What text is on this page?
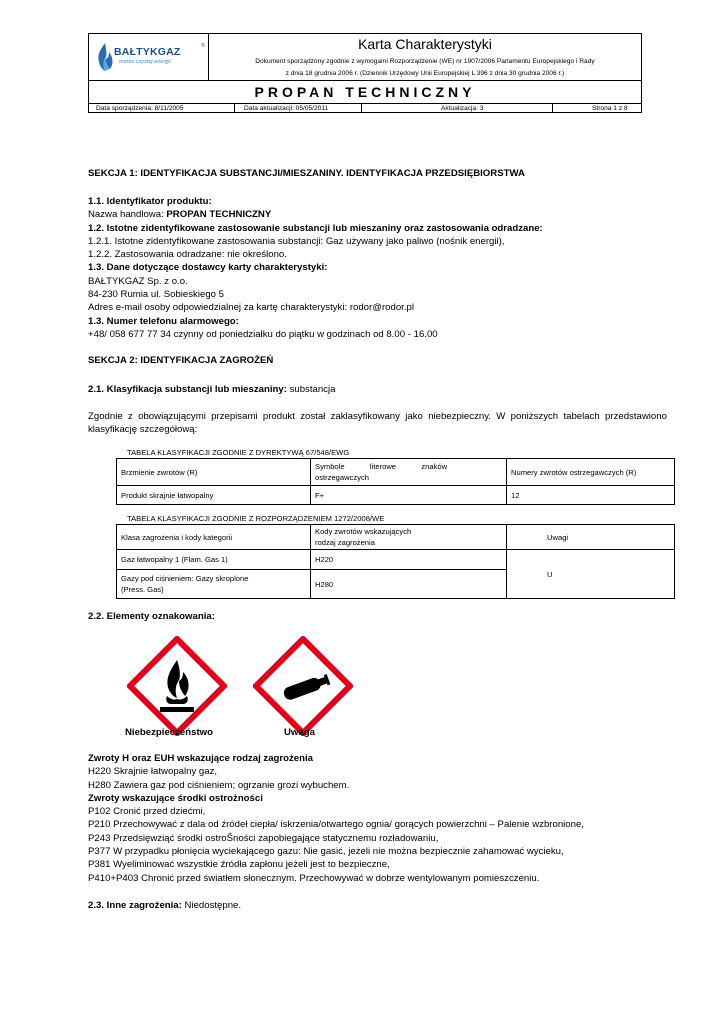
BAŁTYKGAZ	®
morze czystej energii
Karta Charakterystyki
Dokument sporządzony zgodnie z wymogami Rozporządzenie (WE) nr 1907/2006 Parlamentu Europejskiego i Rady
z dnia 18 grudnia 2006 r. (Dziennik Urzędowy Unii Europejskiej L 396 z dnia 30 grudnia 2006 r.)
PROPAN TECHNICZNY
Data sporządzenia: 8/11/2005	Data aktualizacji: 05/05/2011	Aktualizacja: 3	Strona 1 z 8
SEKCJA 1: IDENTYFIKACJA SUBSTANCJI/MIESZANINY. IDENTYFIKACJA PRZEDSIĘBIORSTWA
1.1. Identyfikator produktu:
Nazwa handlowa: PROPAN TECHNICZNY
1.2. Istotne zidentyfikowane zastosowanie substancji lub mieszaniny oraz zastosowania odradzane:
1.2.1. Istotne zidentyfikowane zastosowania substancji: Gaz używany jako paliwo (nośnik energii),
1.2.2. Zastosowania odradzane: nie określono.
1.3. Dane dotyczące dostawcy karty charakterystyki:
BAŁTYKGAZ Sp. z o.o.
84-230 Rumia ul. Sobieskiego 5
Adres e-mail osoby odpowiedzialnej za kartę charakterystyki: rodor@rodor.pl
1.3. Numer telefonu alarmowego:
+48/ 058 677 77 34 czynny od poniedziałku do piątku w godzinach od 8.00 - 16.00
SEKCJA 2: IDENTYFIKACJA ZAGROŻEŃ
2.1. Klasyfikacja substancji lub mieszaniny: substancja
Zgodnie  z  obowiązującymi  przepisami  produkt  został  zaklasyfikowany  jako  niebezpieczny.  W  poniższych  tabelach  przedstawiono
klasyfikację szczegółową:
TABELA KLASYFIKACJI ZGODNIE Z DYREKTYWĄ 67/548/EWG
Brzmienie zwrotów (R)	Symbole            literowe            znaków
ostrzegawczych	Numery zwrotów ostrzegawczych (R)
Produkt skrajnie łatwopalny	F+	12
TABELA KLASYFIKACJI ZGODNIE Z ROZPORZĄDZENIEM 1272/2008/WE
Klasa zagrożenia i kody kategorii	Kody zwrotów wskazujących
rodzaj zagrożenia	Uwagi
Gaz łatwopalny 1 (Flam. Gas 1)	H220	U

Gazy pod ciśnieniem: Gazy skroplone
(Press. Gas)	H280	
2.2. Elementy oznakowania:
Niebezpieczeństwo	Uwaga
Zwroty H oraz EUH wskazujące rodzaj zagrożenia
H220 Skrajnie łatwopalny gaz,
H280 Zawiera gaz pod ciśnieniem; ogrzanie grozi wybuchem.
Zwroty wskazujące środki ostrożności
P102 Cronić przed dziećmi,
P210 Przechowywać z dala od źródeł ciepła/ iskrzenia/otwartego ognia/ gorących powierzchni – Palenie wzbronione,
P243 Przedsięwziąć środki ostroŜności zapobiegające statycznemu rozładowaniu,
P377 W przypadku płonięcia wyciekającego gazu: Nie gasić, jeżeli nie można bezpiecznie zahamować wycieku,
P381 Wyeliminować wszystkie źródła zapłonu jeżeli jest to bezpieczne,
P410+P403 Chronić przed światłem słonecznym. Przechowywać w dobrze wentylowanym pomieszczeniu.
2.3. Inne zagrożenia: Niedostępne.
